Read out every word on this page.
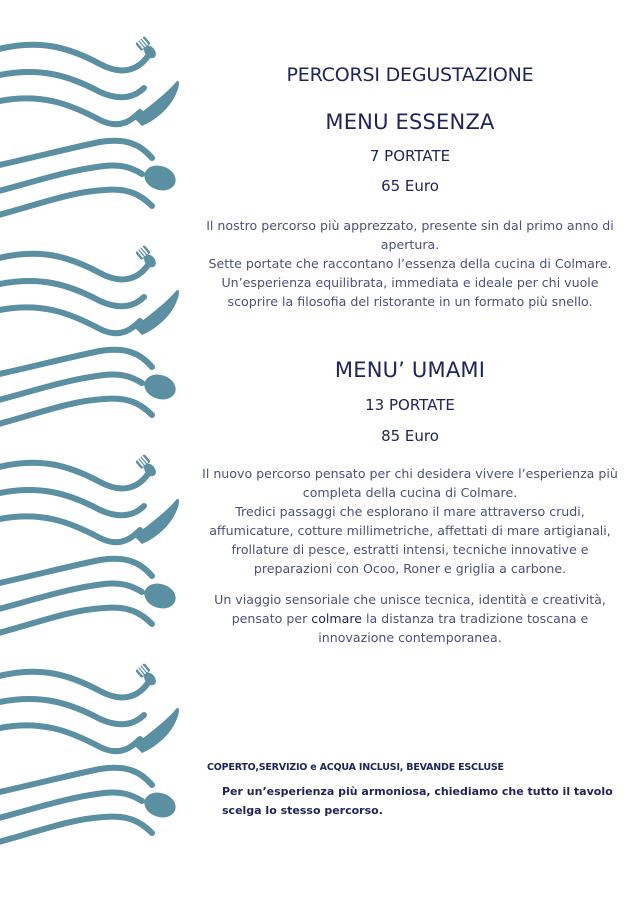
PERCORSI DEGUSTAZIONE
MENU ESSENZA
7 PORTATE
65 Euro
Il nostro percorso più apprezzato, presente sin dal primo anno di
apertura.
Sette portate che raccontano l’essenza della cucina di Colmare.
Un’esperienza equilibrata, immediata e ideale per chi vuole
scoprire la filosofia del ristorante in un formato più snello.
MENU’ UMAMI
13 PORTATE
85 Euro
Il nuovo percorso pensato per chi desidera vivere l’esperienza più
completa della cucina di Colmare.
Tredici passaggi che esplorano il mare attraverso crudi,
affumicature, cotture millimetriche, affettati di mare artigianali,
frollature di pesce, estratti intensi, tecniche innovative e
preparazioni con Ocoo, Roner e griglia a carbone.
Un viaggio sensoriale che unisce tecnica, identità e creatività,
pensato per colmare la distanza tra tradizione toscana e
innovazione contemporanea.
COPERTO,SERVIZIO e ACQUA INCLUSI, BEVANDE ESCLUSE
Per un’esperienza più armoniosa, chiediamo che tutto il tavolo scelga lo stesso percorso.
